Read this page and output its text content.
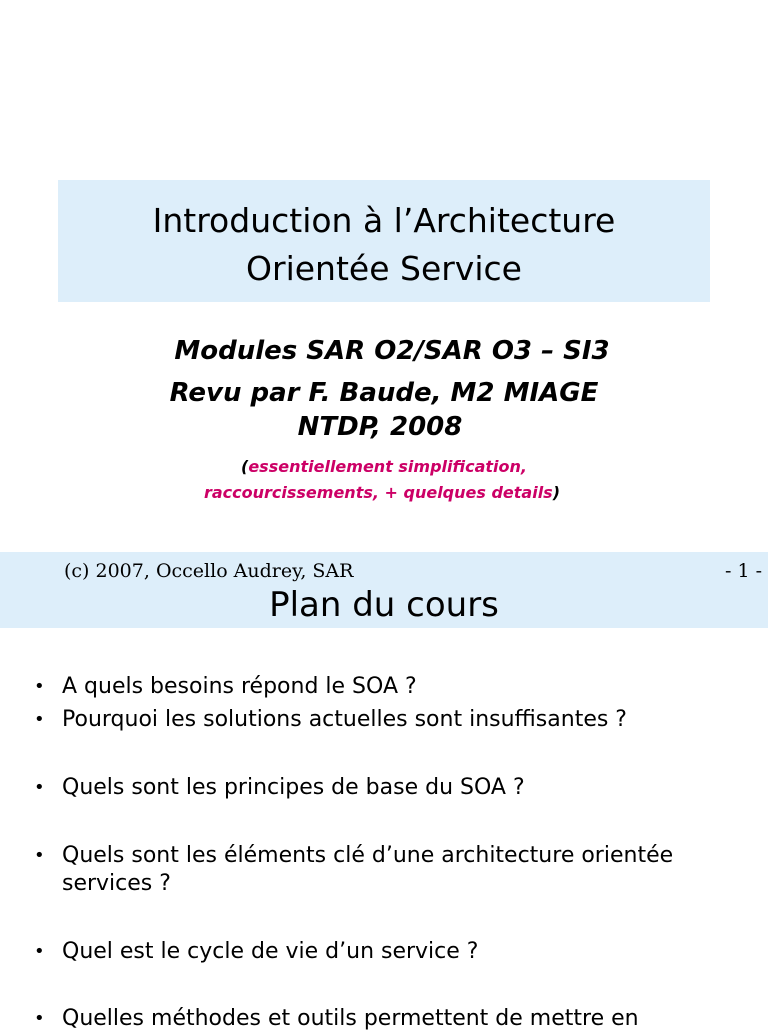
Introduction à l’Architecture
Orientée Service
Modules SAR O2/SAR O3 – SI3
Revu par F. Baude, M2 MIAGE
NTDP, 2008
(essentiellement simplification,
raccourcissements, + quelques details)
(c) 2007, Occello Audrey, SAR	- 1 -
Plan du cours
• A quels besoins répond le SOA ?
• Pourquoi les solutions actuelles sont insuffisantes ?
• Quels sont les principes de base du SOA ?
• Quels sont les éléments clé d’une architecture orientée services ?
• Quel est le cycle de vie d’un service ?
• Quelles méthodes et outils permettent de mettre en
